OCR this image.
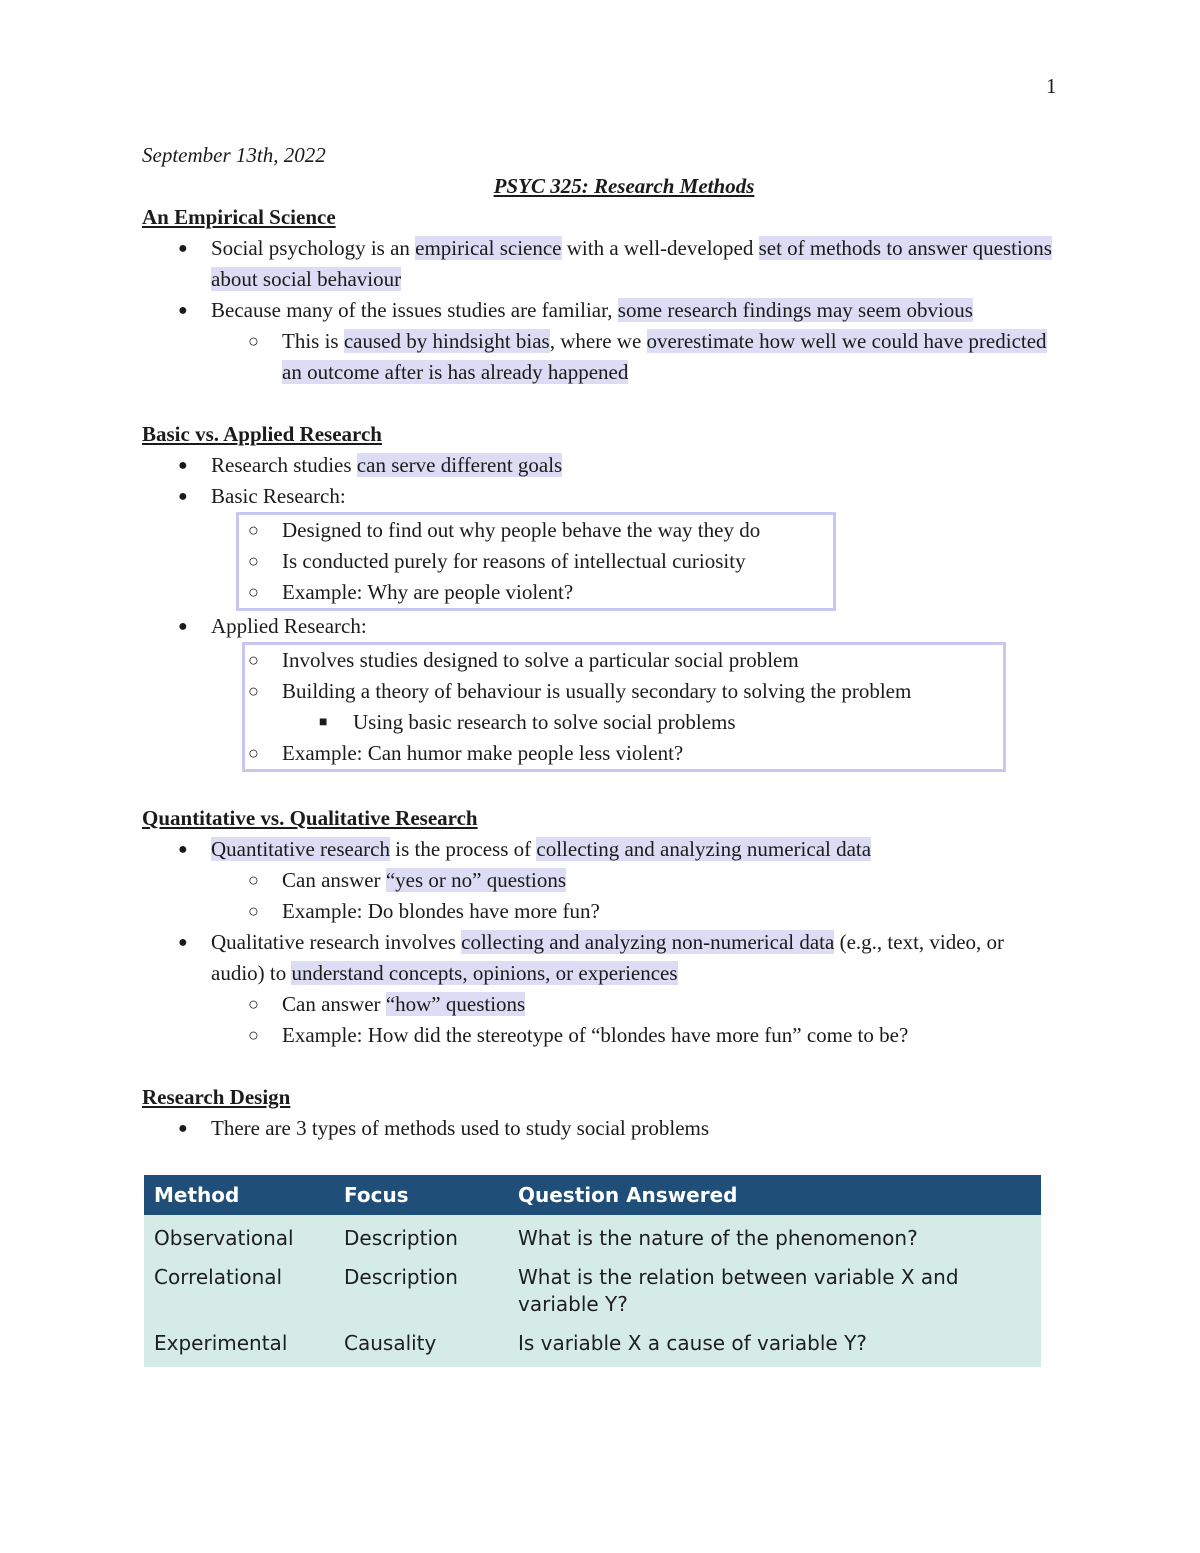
1

September 13th, 2022

PSYC 325: Research Methods

An Empirical Science

● Social psychology is an empirical science with a well-developed set of methods to answer questions about social behaviour
● Because many of the issues studies are familiar, some research findings may seem obvious
○ This is caused by hindsight bias, where we overestimate how well we could have predicted an outcome after is has already happened

Basic vs. Applied Research

● Research studies can serve different goals
● Basic Research:
○ Designed to find out why people behave the way they do
○ Is conducted purely for reasons of intellectual curiosity
○ Example: Why are people violent?
● Applied Research:
○ Involves studies designed to solve a particular social problem
○ Building a theory of behaviour is usually secondary to solving the problem
■ Using basic research to solve social problems
○ Example: Can humor make people less violent?

Quantitative vs. Qualitative Research

● Quantitative research is the process of collecting and analyzing numerical data
○ Can answer “yes or no” questions
○ Example: Do blondes have more fun?
● Qualitative research involves collecting and analyzing non-numerical data (e.g., text, video, or audio) to understand concepts, opinions, or experiences
○ Can answer “how” questions
○ Example: How did the stereotype of “blondes have more fun” come to be?

Research Design

● There are 3 types of methods used to study social problems
Method	Focus	Question Answered
Observational	Description	What is the nature of the phenomenon?
Correlational	Description	What is the relation between variable X and variable Y?
Experimental	Causality	Is variable X a cause of variable Y?
